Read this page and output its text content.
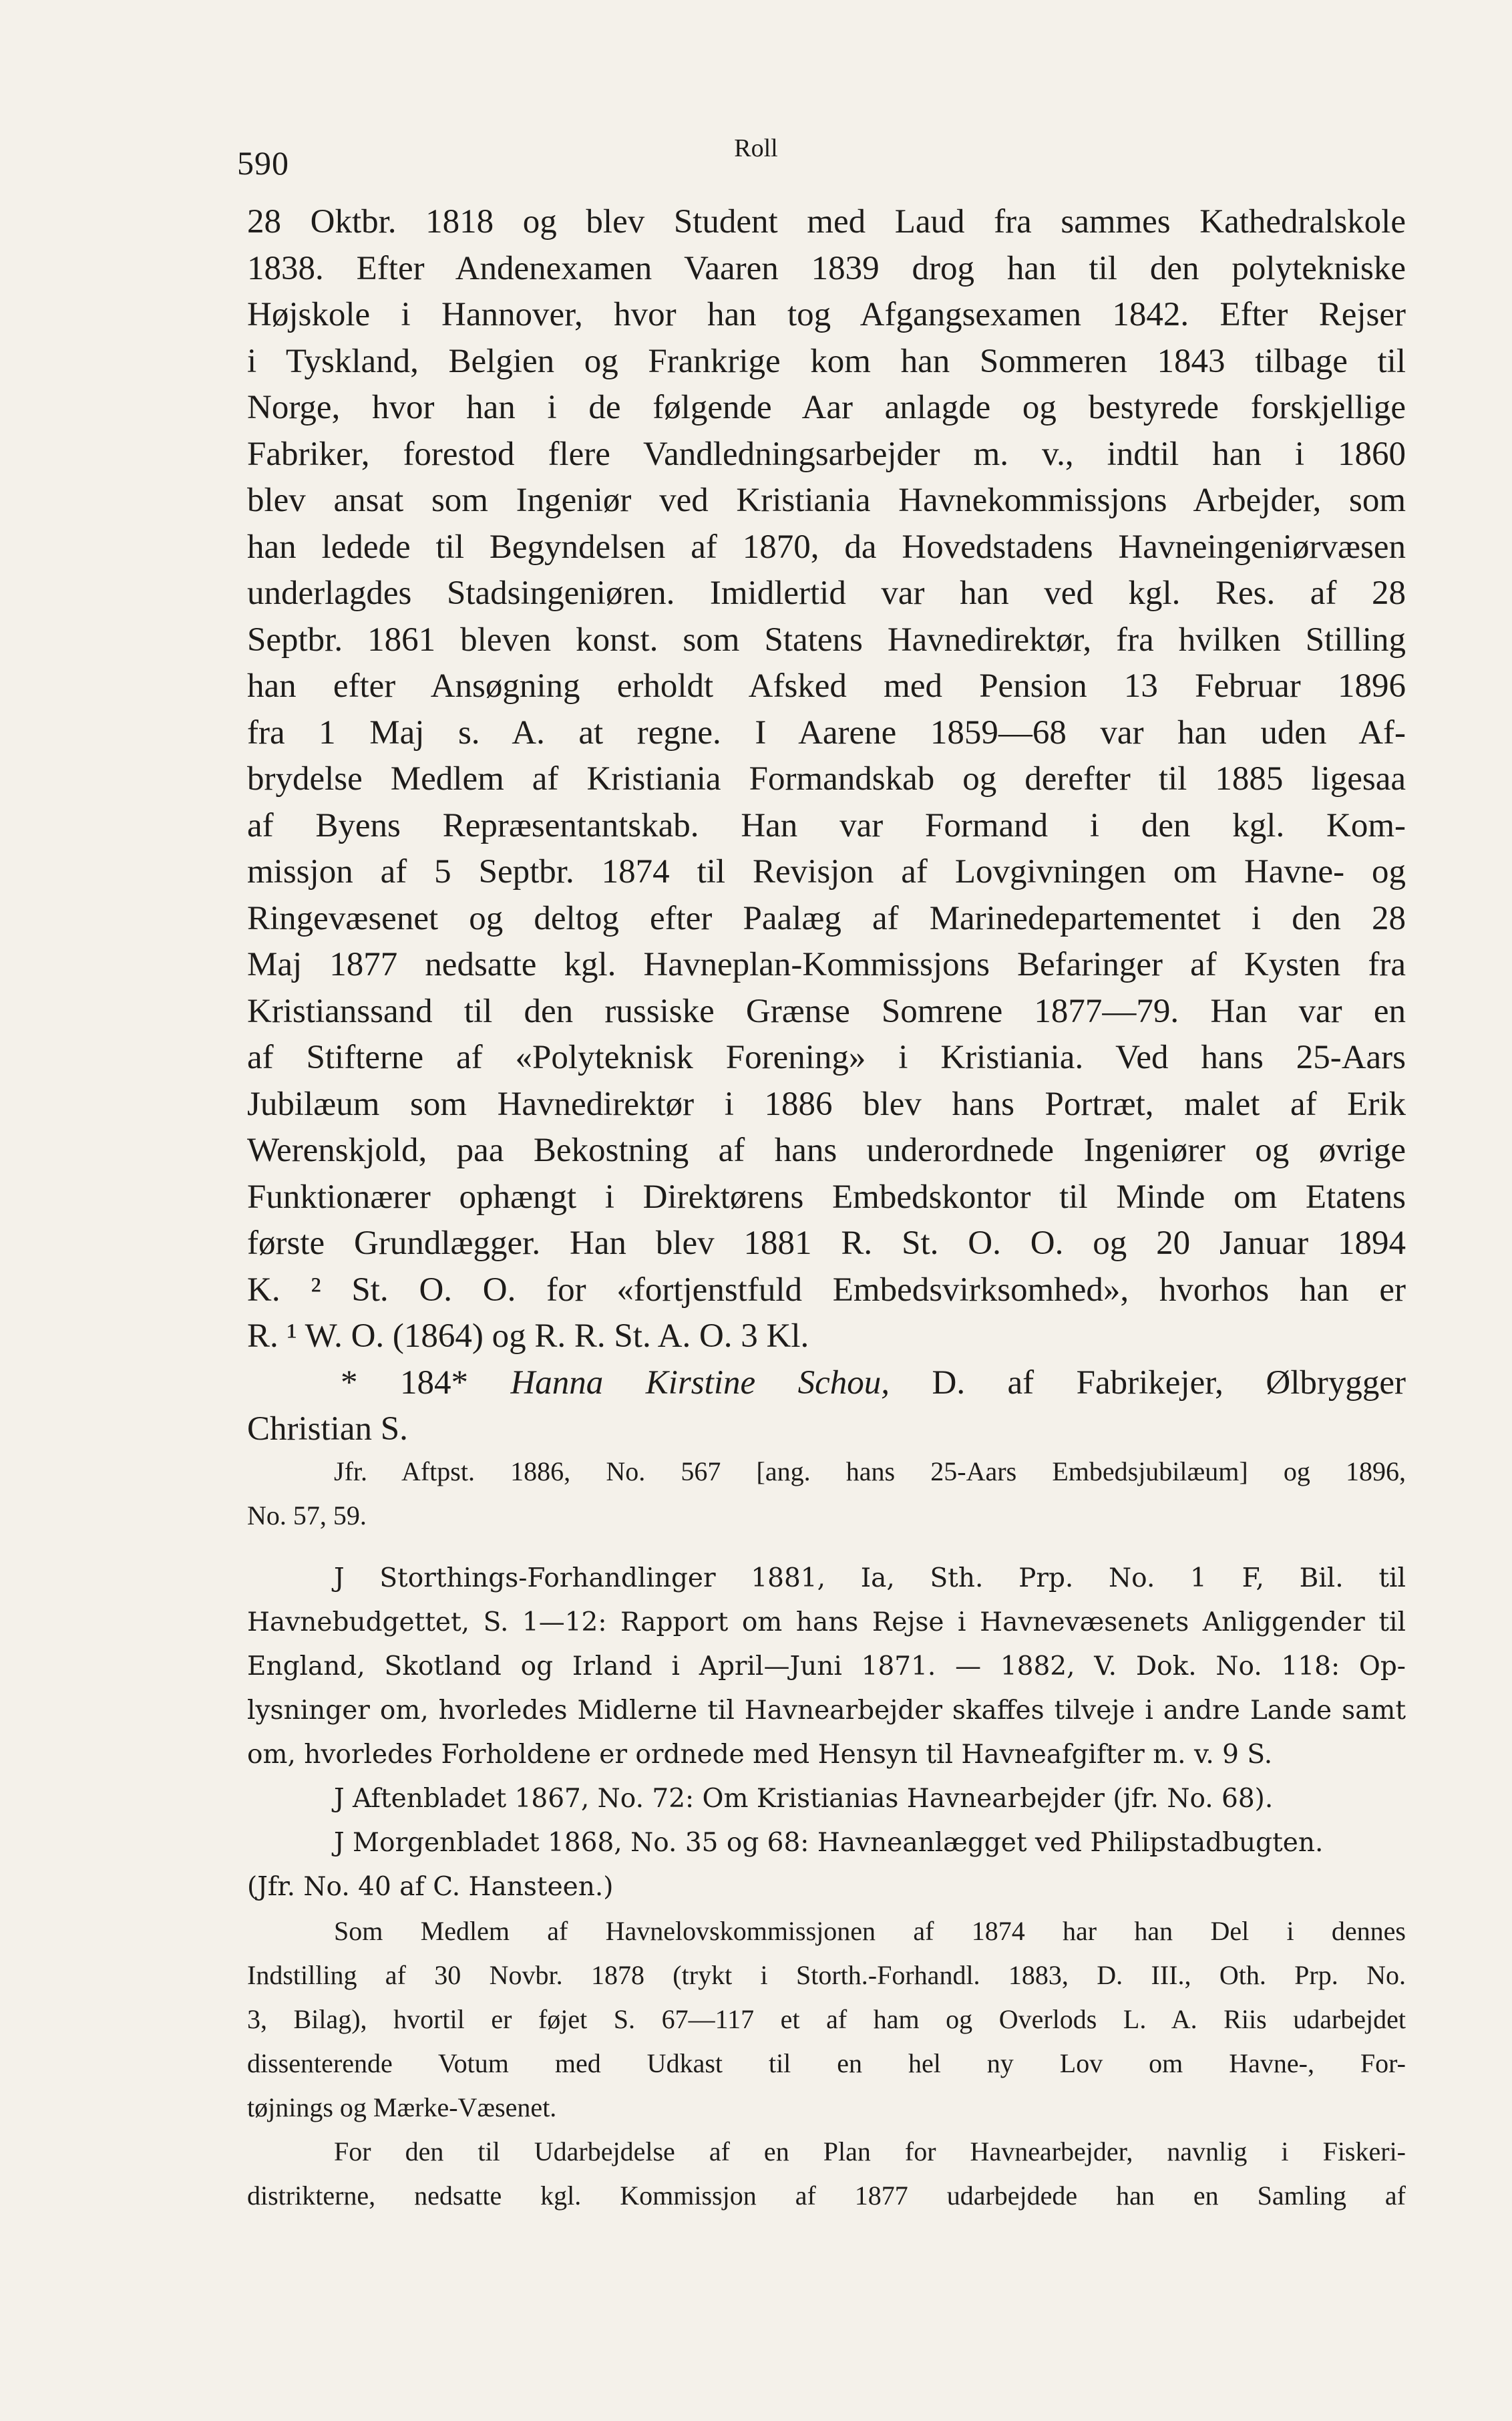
590	Roll
28 Oktbr. 1818 og blev Student med Laud fra sammes Kathedralskole
1838. Efter Andenexamen Vaaren 1839 drog han til den polytekniske
Højskole i Hannover, hvor han tog Afgangsexamen 1842. Efter Rejser
i Tyskland, Belgien og Frankrige kom han Sommeren 1843 tilbage til
Norge, hvor han i de følgende Aar anlagde og bestyrede forskjellige
Fabriker, forestod flere Vandledningsarbejder m. v., indtil han i 1860
blev ansat som Ingeniør ved Kristiania Havnekommissjons Arbejder, som
han ledede til Begyndelsen af 1870, da Hovedstadens Havneingeniørvæsen
underlagdes Stadsingeniøren. Imidlertid var han ved kgl. Res. af 28
Septbr. 1861 bleven konst. som Statens Havnedirektør, fra hvilken Stilling
han efter Ansøgning erholdt Afsked med Pension 13 Februar 1896
fra 1 Maj s. A. at regne. I Aarene 1859—68 var han uden Af-
brydelse Medlem af Kristiania Formandskab og derefter til 1885 ligesaa
af Byens Repræsentantskab. Han var Formand i den kgl. Kom-
missjon af 5 Septbr. 1874 til Revisjon af Lovgivningen om Havne- og
Ringevæsenet og deltog efter Paalæg af Marinedepartementet i den 28
Maj 1877 nedsatte kgl. Havneplan-Kommissjons Befaringer af Kysten fra
Kristianssand til den russiske Grænse Somrene 1877—79. Han var en
af Stifterne af «Polyteknisk Forening» i Kristiania. Ved hans 25-Aars
Jubilæum som Havnedirektør i 1886 blev hans Portræt, malet af Erik
Werenskjold, paa Bekostning af hans underordnede Ingeniører og øvrige
Funktionærer ophængt i Direktørens Embedskontor til Minde om Etatens
første Grundlægger. Han blev 1881 R. St. O. O. og 20 Januar 1894
K. ² St. O. O. for «fortjenstfuld Embedsvirksomhed», hvorhos han er
R. ¹ W. O. (1864) og R. R. St. A. O. 3 Kl.
* 184* Hanna Kirstine Schou, D. af Fabrikejer, Ølbrygger
Christian S.
Jfr. Aftpst. 1886, No. 567 [ang. hans 25-Aars Embedsjubilæum] og 1896,
No. 57, 59.
J Storthings-Forhandlinger 1881, Ia, Sth. Prp. No. 1 F, Bil. til
Havnebudgettet, S. 1—12: Rapport om hans Rejse i Havnevæsenets Anliggender til
England, Skotland og Irland i April—Juni 1871. — 1882, V. Dok. No. 118: Op-
lysninger om, hvorledes Midlerne til Havnearbejder skaffes tilveje i andre Lande samt
om, hvorledes Forholdene er ordnede med Hensyn til Havneafgifter m. v. 9 S.
J Aftenbladet 1867, No. 72: Om Kristianias Havnearbejder (jfr. No. 68).
J Morgenbladet 1868, No. 35 og 68: Havneanlægget ved Philipstadbugten.
(Jfr. No. 40 af C. Hansteen.)
Som Medlem af Havnelovskommissjonen af 1874 har han Del i dennes
Indstilling af 30 Novbr. 1878 (trykt i Storth.-Forhandl. 1883, D. III., Oth. Prp. No.
3, Bilag), hvortil er føjet S. 67—117 et af ham og Overlods L. A. Riis udarbejdet
dissenterende Votum med Udkast til en hel ny Lov om Havne-, For-
tøjnings og Mærke-Væsenet.
For den til Udarbejdelse af en Plan for Havnearbejder, navnlig i Fiskeri-
distrikterne, nedsatte kgl. Kommissjon af 1877 udarbejdede han en Samling af
